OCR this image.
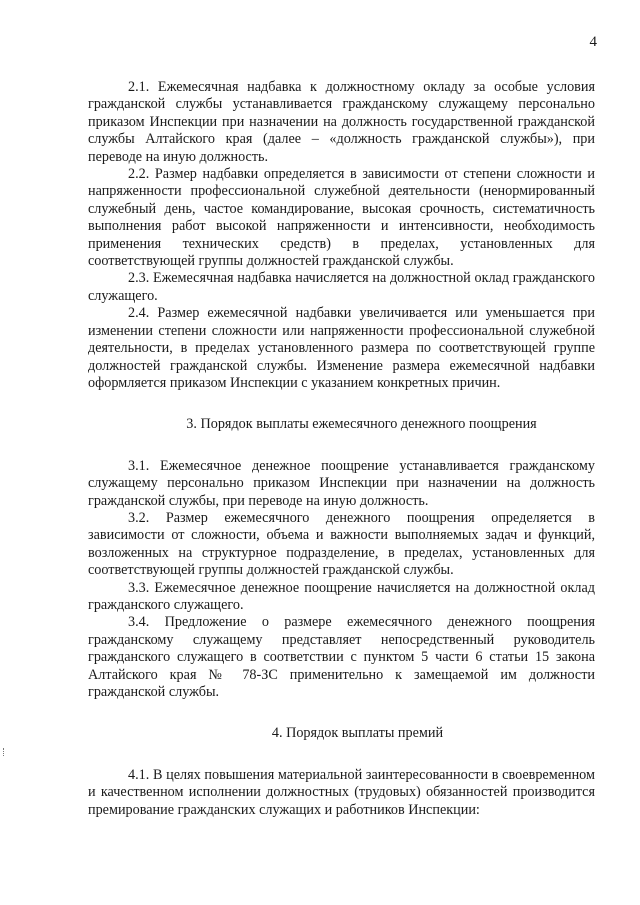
4

2.1. Ежемесячная надбавка к должностному окладу за особые условия гражданской службы устанавливается гражданскому служащему персонально приказом Инспекции при назначении на должность государственной гражданской службы Алтайского края (далее – «должность гражданской службы»), при переводе на иную должность.

2.2. Размер надбавки определяется в зависимости от степени сложности и напряженности профессиональной служебной деятельности (ненормированный служебный день, частое командирование, высокая срочность, систематичность выполнения работ высокой напряженности и интенсивности, необходимость применения технических средств) в пределах, установленных для соответствующей группы должностей гражданской службы.

2.3. Ежемесячная надбавка начисляется на должностной оклад гражданского служащего.

2.4. Размер ежемесячной надбавки увеличивается или уменьшается при изменении степени сложности или напряженности профессиональной служебной деятельности, в пределах установленного размера по соответствующей группе должностей гражданской службы. Изменение размера ежемесячной надбавки оформляется приказом Инспекции с указанием конкретных причин.

3. Порядок выплаты ежемесячного денежного поощрения

3.1. Ежемесячное денежное поощрение устанавливается гражданскому служащему персонально приказом Инспекции при назначении на должность гражданской службы, при переводе на иную должность.

3.2. Размер ежемесячного денежного поощрения определяется в зависимости от сложности, объема и важности выполняемых задач и функций, возложенных на структурное подразделение, в пределах, установленных для соответствующей группы должностей гражданской службы.

3.3. Ежемесячное денежное поощрение начисляется на должностной оклад гражданского служащего.

3.4. Предложение о размере ежемесячного денежного поощрения гражданскому служащему представляет непосредственный руководитель гражданского служащего в соответствии с пунктом 5 части 6 статьи 15 закона Алтайского края № 78-ЗС применительно к замещаемой им должности гражданской службы.

4. Порядок выплаты премий

4.1. В целях повышения материальной заинтересованности в своевременном и качественном исполнении должностных (трудовых) обязанностей производится премирование гражданских служащих и работников Инспекции:
